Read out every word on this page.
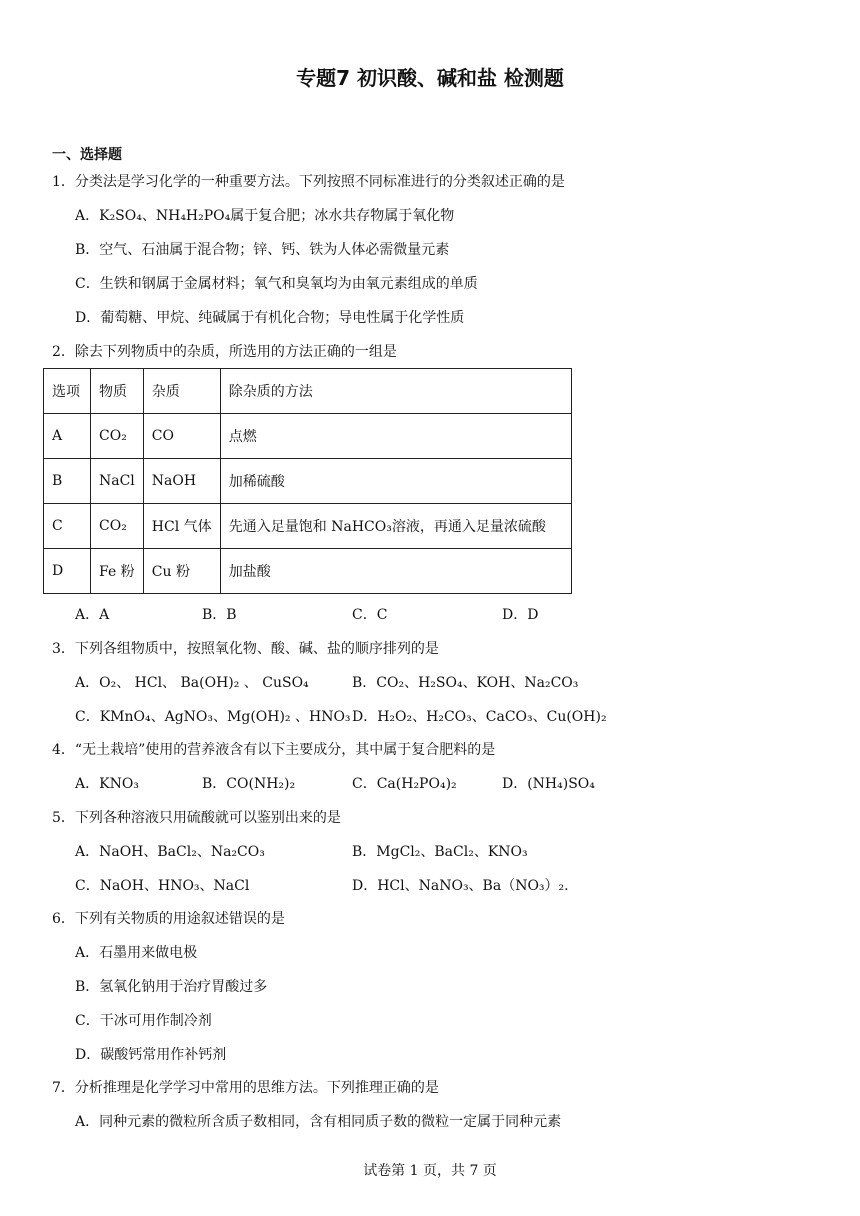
专题7 初识酸、碱和盐 检测题
一、选择题
1．分类法是学习化学的一种重要方法。下列按照不同标准进行的分类叙述正确的是
A．K₂SO₄、NH₄H₂PO₄属于复合肥；冰水共存物属于氧化物
B．空气、石油属于混合物；锌、钙、铁为人体必需微量元素
C．生铁和钢属于金属材料；氧气和臭氧均为由氧元素组成的单质
D．葡萄糖、甲烷、纯碱属于有机化合物；导电性属于化学性质
2．除去下列物质中的杂质，所选用的方法正确的一组是
选项	物质	杂质	除杂质的方法
A	CO₂	CO	点燃
B	NaCl	NaOH	加稀硫酸
C	CO₂	HCl 气体	先通入足量饱和 NaHCO₃溶液，再通入足量浓硫酸
D	Fe 粉	Cu 粉	加盐酸
A．A	B．B	C．C	D．D
3．下列各组物质中，按照氧化物、酸、碱、盐的顺序排列的是
A．O₂、 HCl、 Ba(OH)₂ 、 CuSO₄	B．CO₂、H₂SO₄、KOH、Na₂CO₃
C．KMnO₄、AgNO₃、Mg(OH)₂ 、HNO₃ D．H₂O₂、H₂CO₃、CaCO₃、Cu(OH)₂
4．“无土栽培”使用的营养液含有以下主要成分，其中属于复合肥料的是
A．KNO₃	B．CO(NH₂)₂	C．Ca(H₂PO₄)₂	D．(NH₄)SO₄
5．下列各种溶液只用硫酸就可以鉴别出来的是
A．NaOH、BaCl₂、Na₂CO₃	B．MgCl₂、BaCl₂、KNO₃
C．NaOH、HNO₃、NaCl	D．HCl、NaNO₃、Ba（NO₃）₂.
6．下列有关物质的用途叙述错误的是
A．石墨用来做电极
B．氢氧化钠用于治疗胃酸过多
C．干冰可用作制冷剂
D．碳酸钙常用作补钙剂
7．分析推理是化学学习中常用的思维方法。下列推理正确的是
A．同种元素的微粒所含质子数相同，含有相同质子数的微粒一定属于同种元素
试卷第 1 页，共 7 页
